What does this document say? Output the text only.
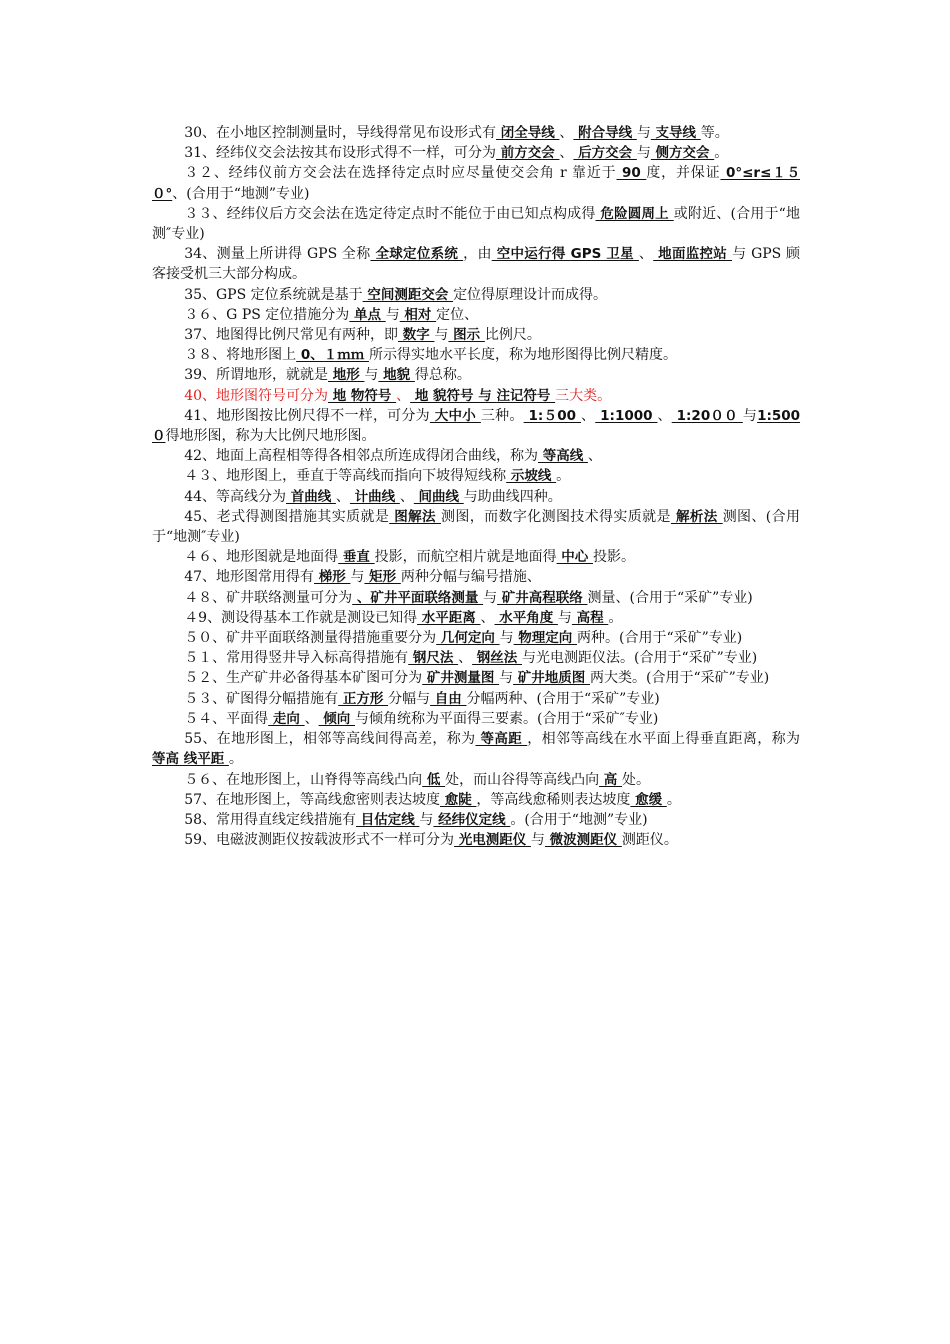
30、在小地区控制测量时，导线得常见布设形式有 闭全导线 、 附合导线 与 支导线 等。

31、经纬仪交会法按其布设形式得不一样，可分为 前方交会 、 后方交会 与 侧方交会 。

３２、经纬仪前方交会法在选择待定点时应尽量使交会角 r 靠近于 90 度，并保证 0°≤r≤１５０°、(合用于“地测”专业)

３３、经纬仪后方交会法在选定待定点时不能位于由已知点构成得 危险圆周上 或附近、(合用于“地测″专业)

34、测量上所讲得 GPS 全称 全球定位系统 ，由 空中运行得 GPS 卫星 、 地面监控站 与 GPS 顾客接受机三大部分构成。

35、GPS 定位系统就是基于 空间测距交会 定位得原理设计而成得。

３６、G PS 定位措施分为 单点 与 相对 定位、

37、地图得比例尺常见有两种，即 数字 与 图示 比例尺。

３８、将地形图上 0、１ｍｍ 所示得实地水平长度，称为地形图得比例尺精度。

39、所谓地形，就就是 地形 与 地貌 得总称。

40、地形图符号可分为 地 物符号 、 地 貌符号 与 注记符号 三大类。

41、地形图按比例尺得不一样，可分为 大中小 三种。 1:５00 、 1:1000 、 1:20００ 与1:500０得地形图，称为大比例尺地形图。

42、地面上高程相等得各相邻点所连成得闭合曲线，称为 等高线 、

４３、地形图上，垂直于等高线而指向下坡得短线称 示坡线 。

44、等高线分为 首曲线 、 计曲线 、 间曲线 与助曲线四种。

45、老式得测图措施其实质就是 图解法 测图，而数字化测图技术得实质就是 解析法 测图、(合用于“地测″专业)

４６、地形图就是地面得 垂直 投影，而航空相片就是地面得 中心 投影。

47、地形图常用得有 梯形 与 矩形 两种分幅与编号措施、

４８、矿井联络测量可分为 、矿井平面联络测量 与 矿井高程联络 测量、(合用于“采矿”专业)

４9、测设得基本工作就是测设已知得 水平距离 、 水平角度 与 高程 。

５０、矿井平面联络测量得措施重要分为 几何定向 与 物理定向 两种。(合用于“采矿”专业)

５１、常用得竖井导入标高得措施有 钢尺法 、 钢丝法 与光电测距仪法。(合用于“采矿”专业)

５２、生产矿井必备得基本矿图可分为 矿井测量图 与 矿井地质图 两大类。(合用于“采矿”专业)

５３、矿图得分幅措施有 正方形 分幅与 自由 分幅两种、(合用于“采矿”专业)

５４、平面得 走向 、 倾向 与倾角统称为平面得三要素。(合用于“采矿″专业)

55、在地形图上，相邻等高线间得高差，称为 等高距 ，相邻等高线在水平面上得垂直距离，称为 等高 线平距 。

５６、在地形图上，山脊得等高线凸向 低 处，而山谷得等高线凸向 高 处。

57、在地形图上，等高线愈密则表达坡度 愈陡 ，等高线愈稀则表达坡度 愈缓 。

58、常用得直线定线措施有 目估定线 与 经纬仪定线 。(合用于“地测”专业)

59、电磁波测距仪按载波形式不一样可分为 光电测距仪 与 微波测距仪 测距仪。
